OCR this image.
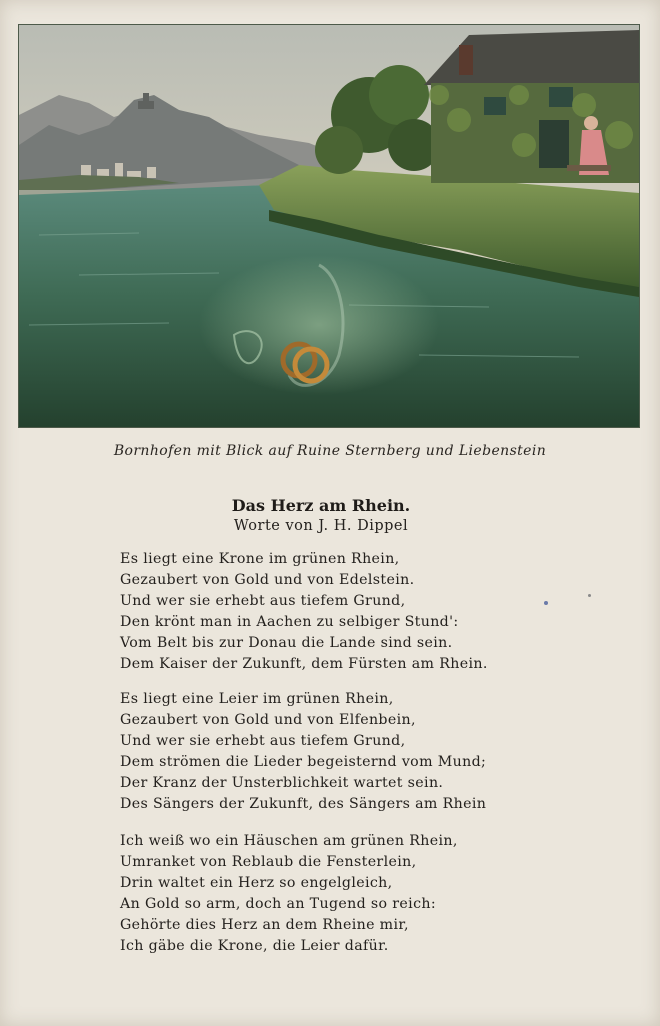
Bornhofen mit Blick auf Ruine Sternberg und Liebenstein
Das Herz am Rhein.
Worte von J. H. Dippel
Es liegt eine Krone im grünen Rhein,
Gezaubert von Gold und von Edelstein.
Und wer sie erhebt aus tiefem Grund,
Den krönt man in Aachen zu selbiger Stund':
Vom Belt bis zur Donau die Lande sind sein.
Dem Kaiser der Zukunft, dem Fürsten am Rhein.
Es liegt eine Leier im grünen Rhein,
Gezaubert von Gold und von Elfenbein,
Und wer sie erhebt aus tiefem Grund,
Dem strömen die Lieder begeisternd vom Mund;
Der Kranz der Unsterblichkeit wartet sein.
Des Sängers der Zukunft, des Sängers am Rhein
Ich weiß wo ein Häuschen am grünen Rhein,
Umranket von Reblaub die Fensterlein,
Drin waltet ein Herz so engelgleich,
An Gold so arm, doch an Tugend so reich:
Gehörte dies Herz an dem Rheine mir,
Ich gäbe die Krone, die Leier dafür.
